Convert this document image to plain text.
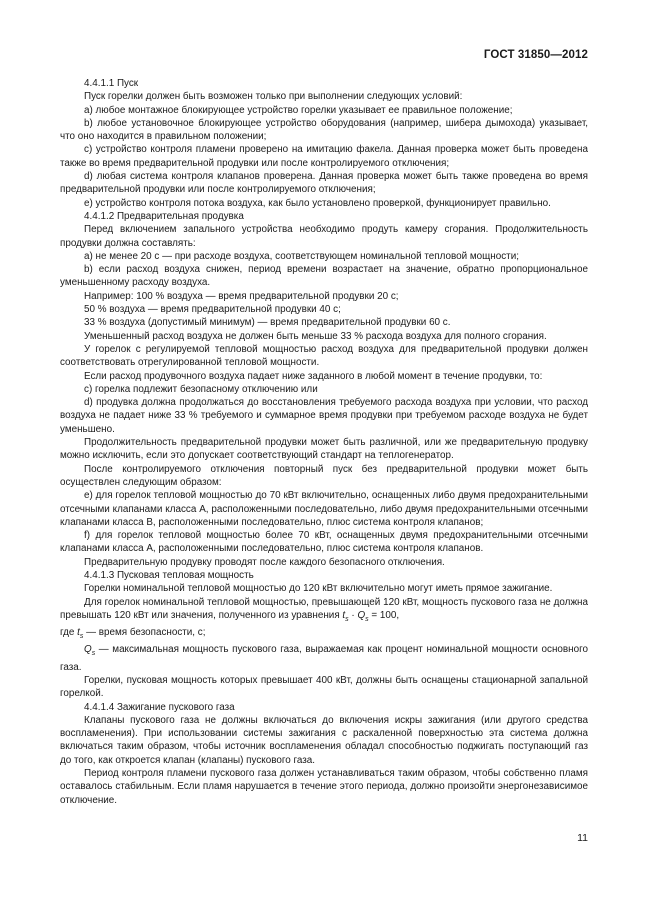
ГОСТ 31850—2012

4.4.1.1 Пуск

Пуск горелки должен быть возможен только при выполнении следующих условий:

а) любое монтажное блокирующее устройство горелки указывает ее правильное положение;

b) любое установочное блокирующее устройство оборудования (например, шибера дымохода) указывает, что оно находится в правильном положении;

c) устройство контроля пламени проверено на имитацию факела. Данная проверка может быть проведена также во время предварительной продувки или после контролируемого отключения;

d) любая система контроля клапанов проверена. Данная проверка может быть также проведена во время предварительной продувки или после контролируемого отключения;

e) устройство контроля потока воздуха, как было установлено проверкой, функционирует правильно.

4.4.1.2 Предварительная продувка

Перед включением запального устройства необходимо продуть камеру сгорания. Продолжительность продувки должна составлять:

а) не менее 20 с — при расходе воздуха, соответствующем номинальной тепловой мощности;

b) если расход воздуха снижен, период времени возрастает на значение, обратно пропорциональное уменьшенному расходу воздуха.

Например: 100 % воздуха — время предварительной продувки 20 с;

50 % воздуха — время предварительной продувки 40 с;

33 % воздуха (допустимый минимум) — время предварительной продувки 60 с.

Уменьшенный расход воздуха не должен быть меньше 33 % расхода воздуха для полного сгорания.

У горелок с регулируемой тепловой мощностью расход воздуха для предварительной продувки должен соответствовать отрегулированной тепловой мощности.

Если расход продувочного воздуха падает ниже заданного в любой момент в течение продувки, то:

c) горелка подлежит безопасному отключению или

d) продувка должна продолжаться до восстановления требуемого расхода воздуха при условии, что расход воздуха не падает ниже 33 % требуемого и суммарное время продувки при требуемом расходе воздуха не будет уменьшено.

Продолжительность предварительной продувки может быть различной, или же предварительную продувку можно исключить, если это допускает соответствующий стандарт на теплогенератор.

После контролируемого отключения повторный пуск без предварительной продувки может быть осуществлен следующим образом:

e) для горелок тепловой мощностью до 70 кВт включительно, оснащенных либо двумя предохранительными отсечными клапанами класса А, расположенными последовательно, либо двумя предохранительными отсечными клапанами класса В, расположенными последовательно, плюс система контроля клапанов;

f) для горелок тепловой мощностью более 70 кВт, оснащенных двумя предохранительными отсечными клапанами класса А, расположенными последовательно, плюс система контроля клапанов.

Предварительную продувку проводят после каждого безопасного отключения.

4.4.1.3 Пусковая тепловая мощность

Горелки номинальной тепловой мощностью до 120 кВт включительно могут иметь прямое зажигание.

Для горелок номинальной тепловой мощностью, превышающей 120 кВт, мощность пускового газа не должна превышать 120 кВт или значения, полученного из уравнения $t_s \cdot Q_s = 100$,

где $t_s$ — время безопасности, с;

$Q_s$ — максимальная мощность пускового газа, выражаемая как процент номинальной мощности основного газа.

Горелки, пусковая мощность которых превышает 400 кВт, должны быть оснащены стационарной запальной горелкой.

4.4.1.4 Зажигание пускового газа

Клапаны пускового газа не должны включаться до включения искры зажигания (или другого средства воспламенения). При использовании системы зажигания с раскаленной поверхностью эта система должна включаться таким образом, чтобы источник воспламенения обладал способностью поджигать поступающий газ до того, как откроется клапан (клапаны) пускового газа.

Период контроля пламени пускового газа должен устанавливаться таким образом, чтобы собственно пламя оставалось стабильным. Если пламя нарушается в течение этого периода, должно произойти энергонезависимое отключение.

11
